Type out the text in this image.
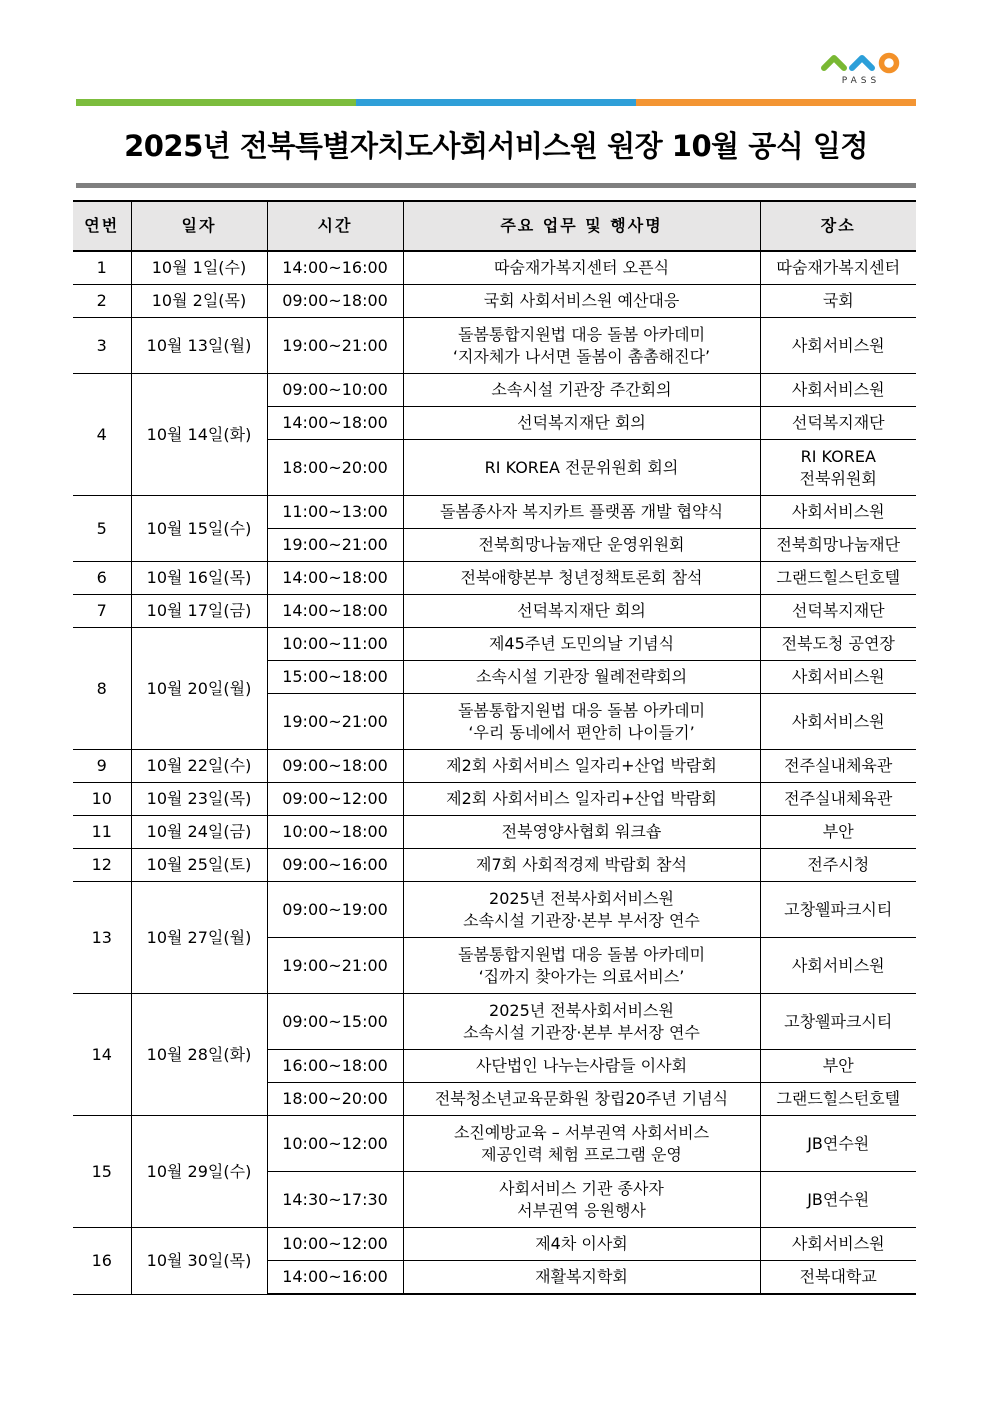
PASS
2025년 전북특별자치도사회서비스원 원장 10월 공식 일정
연번	일자	시간	주요 업무 및 행사명	장소
1	10월 1일(수)	14:00~16:00	따숨재가복지센터 오픈식	따숨재가복지센터

2	10월 2일(목)	09:00~18:00	국회 사회서비스원 예산대응	국회

3	10월 13일(월)	19:00~21:00	돌봄통합지원법 대응 돌봄 아카데미
‘지자체가 나서면 돌봄이 촘촘해진다’	사회서비스원

4	10월 14일(화)	09:00~10:00	소속시설 기관장 주간회의	사회서비스원

		14:00~18:00	선덕복지재단 회의	선덕복지재단

		18:00~20:00	RI KOREA 전문위원회 회의	RI KOREA
전북위원회

5	10월 15일(수)	11:00~13:00	돌봄종사자 복지카트 플랫폼 개발 협약식	사회서비스원

		19:00~21:00	전북희망나눔재단 운영위원회	전북희망나눔재단

6	10월 16일(목)	14:00~18:00	전북애향본부 청년정책토론회 참석	그랜드힐스턴호텔

7	10월 17일(금)	14:00~18:00	선덕복지재단 회의	선덕복지재단

8	10월 20일(월)	10:00~11:00	제45주년 도민의날 기념식	전북도청 공연장

		15:00~18:00	소속시설 기관장 월례전략회의	사회서비스원

		19:00~21:00	돌봄통합지원법 대응 돌봄 아카데미
‘우리 동네에서 편안히 나이들기’	사회서비스원

9	10월 22일(수)	09:00~18:00	제2회 사회서비스 일자리+산업 박람회	전주실내체육관

10	10월 23일(목)	09:00~12:00	제2회 사회서비스 일자리+산업 박람회	전주실내체육관

11	10월 24일(금)	10:00~18:00	전북영양사협회 워크숍	부안

12	10월 25일(토)	09:00~16:00	제7회 사회적경제 박람회 참석	전주시청

13	10월 27일(월)	09:00~19:00	2025년 전북사회서비스원
소속시설 기관장·본부 부서장 연수	고창웰파크시티

		19:00~21:00	돌봄통합지원법 대응 돌봄 아카데미
‘집까지 찾아가는 의료서비스’	사회서비스원

14	10월 28일(화)	09:00~15:00	2025년 전북사회서비스원
소속시설 기관장·본부 부서장 연수	고창웰파크시티

		16:00~18:00	사단법인 나누는사람들 이사회	부안

		18:00~20:00	전북청소년교육문화원 창립20주년 기념식	그랜드힐스턴호텔

15	10월 29일(수)	10:00~12:00	소진예방교육 – 서부권역 사회서비스
제공인력 체험 프로그램 운영	JB연수원

		14:30~17:30	사회서비스 기관 종사자
서부권역 응원행사	JB연수원

16	10월 30일(목)	10:00~12:00	제4차 이사회	사회서비스원

		14:00~16:00	재활복지학회	전북대학교
